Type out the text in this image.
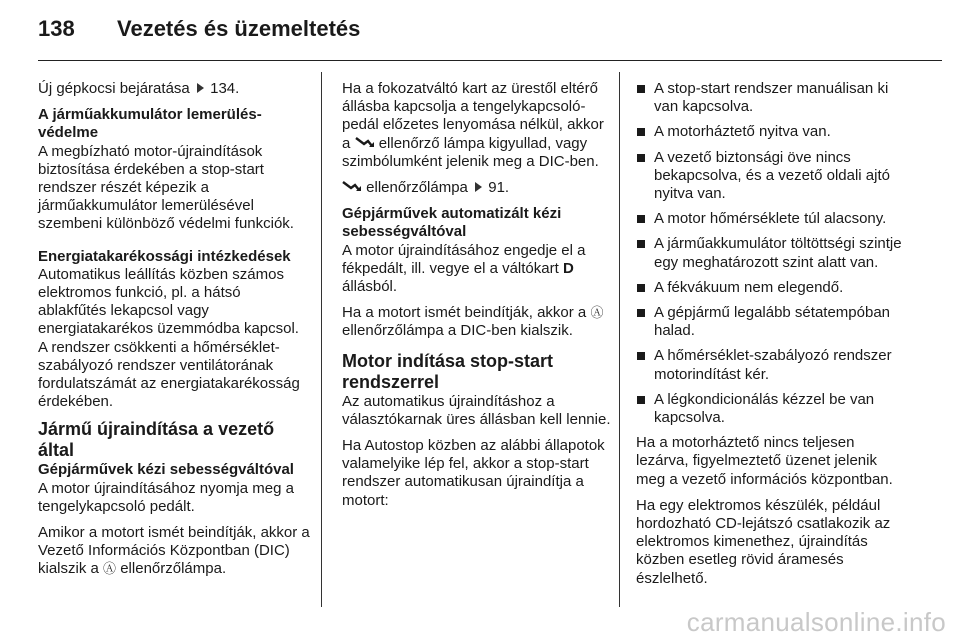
138 Vezetés és üzemeltetés

Új gépkocsi bejáratása 134.

A járműakkumulátor lemerülés-védelme

A megbízható motor-újraindítások biztosítása érdekében a stop-start rendszer részét képezik a járműakkumulátor lemerülésével szembeni különböző védelmi funkciók.

Energiatakarékossági intézkedések

Automatikus leállítás közben számos elektromos funkció, pl. a hátsó ablakfűtés lekapcsol vagy energiatakarékos üzemmódba kapcsol. A rendszer csökkenti a hőmérséklet-szabályozó rendszer ventilátorának fordulatszámát az energiatakarékosság érdekében.

Jármű újraindítása a vezető által

Gépjárművek kézi sebességváltóval

A motor újraindításához nyomja meg a tengelykapcsoló pedált.

Amikor a motort ismét beindítják, akkor a Vezető Információs Központban (DIC) kialszik a Ⓐ ellenőrzőlámpa.

Ha a fokozatváltó kart az ürestől eltérő állásba kapcsolja a tengelykapcsoló-pedál előzetes lenyomása nélkül, akkor a ellenőrző lámpa kigyullad, vagy szimbólumként jelenik meg a DIC-ben.

ellenőrzőlámpa 91.

Gépjárművek automatizált kézi sebességváltóval

A motor újraindításához engedje el a fékpedált, ill. vegye el a váltókart D állásból.

Ha a motort ismét beindítják, akkor a Ⓐ ellenőrzőlámpa a DIC-ben kialszik.

Motor indítása stop-start rendszerrel

Az automatikus újraindításhoz a választókarnak üres állásban kell lennie.

Ha Autostop közben az alábbi állapotok valamelyike lép fel, akkor a stop-start rendszer automatikusan újraindítja a motort:

A stop-start rendszer manuálisan ki van kapcsolva.
A motorháztető nyitva van.
A vezető biztonsági öve nincs bekapcsolva, és a vezető oldali ajtó nyitva van.
A motor hőmérséklete túl alacsony.
A járműakkumulátor töltöttségi szintje egy meghatározott szint alatt van.
A fékvákuum nem elegendő.
A gépjármű legalább sétatempóban halad.
A hőmérséklet-szabályozó rendszer motorindítást kér.
A légkondicionálás kézzel be van kapcsolva.

Ha a motorháztető nincs teljesen lezárva, figyelmeztető üzenet jelenik meg a vezető információs központban.

Ha egy elektromos készülék, például hordozható CD-lejátszó csatlakozik az elektromos kimenethez, újraindítás közben esetleg rövid áramesés észlelhető.

carmanualsonline.info
